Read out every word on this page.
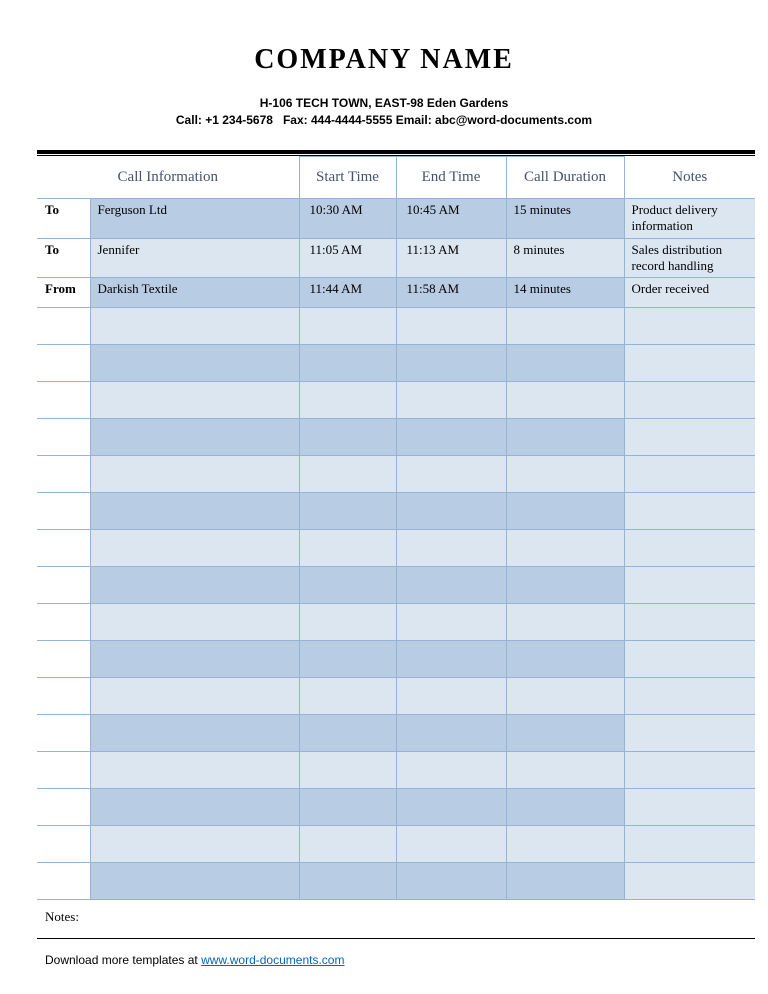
COMPANY NAME
H-106 TECH TOWN, EAST-98 Eden Gardens
Call: +1 234-5678   Fax: 444-4444-5555 Email: abc@word-documents.com
Call Information		Start Time	End Time	Call Duration	Notes
To	Ferguson Ltd	10:30 AM	10:45 AM	15 minutes	Product delivery information
To	Jennifer	11:05 AM	11:13 AM	8 minutes	Sales distribution record handling
From	Darkish Textile	11:44 AM	11:58 AM	14 minutes	Order received

Notes:
Download more templates at www.word-documents.com
